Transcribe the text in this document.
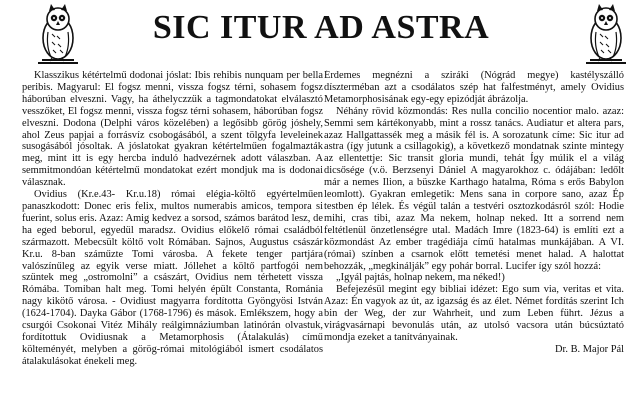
SIC ITUR AD ASTRA

Klasszikus kétértelmű dodonai jóslat: Ibis rehibis nunquam per bella peribis. Magyarul: El fogsz menni, vissza fogsz térni, sohasem fogsz háborúban elveszni. Vagy, ha áthelyczzük a tagmondatokat elválasztó vesszőket, El fogsz menni, vissza fogsz térni sohasem, háborúban fogsz elveszni. Dodona (Delphi város közelében) a legősibb görög jóshely, ahol Zeus papjai a forrásvíz csobogásából, a szent tölgyfa leveleinek susogásából jósoltak. A jóslatokat gyakran kétértelműen fogalmazták meg, mint itt is egy hercba induló hadvezérnek adott válaszban. A semmitmondóan kétértelmű mondatokat ezért mondjuk ma is dodonai válasznak.

Ovidius (Kr.e.43- Kr.u.18) római elégia-költő egyértelműen panaszkodott: Donec eris felix, multos numerabis amicos, tempora si fuerint, solus eris. Azaz: Amig kedvez a sorsod, számos barátod lesz, de ha eged beborul, egyedül maradsz. Ovidius előkelő római családból származott. Mebecsült költő volt Rómában. Sajnos, Augustus császár Kr.u. 8-ban száműzte Tomi városba. A fekete tenger partjára valószínűleg az egyik verse miatt. Jóllehet a költő partfogói nem szüntek meg „ostromolni” a császárt, Ovidius nem térhetett vissza Rómába. Tomiban halt meg. Tomi helyén épült Constanta, Románia nagy kikötő városa. - Ovidiust magyarra fordította Gyöngyösi István (1624-1704). Dayka Gábor (1768-1796) és mások. Emlékszem, hogy a csurgói Csokonai Vitéz Mihály reálgimnáziumban latinórán olvastuk, fordítottuk Ovidiusnak a Metamorphosis (Átalakulás) című költeményét, melyben a görög-római mitológiából ismert csodálatos átalakulásokat énekeli meg.

Érdemes megnézni a sziráki (Nógrád megye) kastélyszálló díszterméban azt a csodálatos szép hat falfestményt, amely Ovidius Metamorphosisának egy-egy epizódját ábrázolja.

Néhány rövid közmondás: Res nulla concilio nocentior malo. azaz: Semmi sem kártékonyabb, mint a rossz tanács. Audiatur et altera pars, azaz Hallgattassék meg a másik fél is. A sorozatunk címe: Sic itur ad astra (így jutunk a csillagokig), a következő mondatnak szinte mintegy az ellentettje: Sic transit gloria mundi, tehát Így múlik el a világ dicsősége (v.ö. Berzsenyi Dániel A magyarokhoz c. ódájában: ledőlt már a nemes Ilion, a büszke Karthago hatalma, Róma s erős Babylon leomlott). Gyakran emlegetik: Mens sana in corpore sano, azaz Ép testben ép lélek. És végül talán a testvéri osztozkodásról szól: Hodie mihi, cras tibi, azaz Ma nekem, holnap neked. Itt a sorrend nem feltétlenül önzetlenségre utal. Madách Imre (1823-64) is említi ezt a közmondást Az ember tragédiája című hatalmas munkájában. A VI. (római) színben a csarnok előtt temetési menet halad. A halottat behozzák, „megkinálják” egy pohár borral. Lucifer így szól hozzá:

„Igyál pajtás, holnap nekem, ma néked!)

Befejezésül megint egy bibliai idézet: Ego sum via, veritas et vita. Azaz: Én vagyok az út, az igazság és az élet. Német fordítás szerint Ich bin der Weg, der zur Wahrheit, und zum Leben führt. Jézus a virágvasárnapi bevonulás után, az utolsó vacsora után búcsúztató mondja ezeket a tanítványainak.

Dr. B. Major Pál
